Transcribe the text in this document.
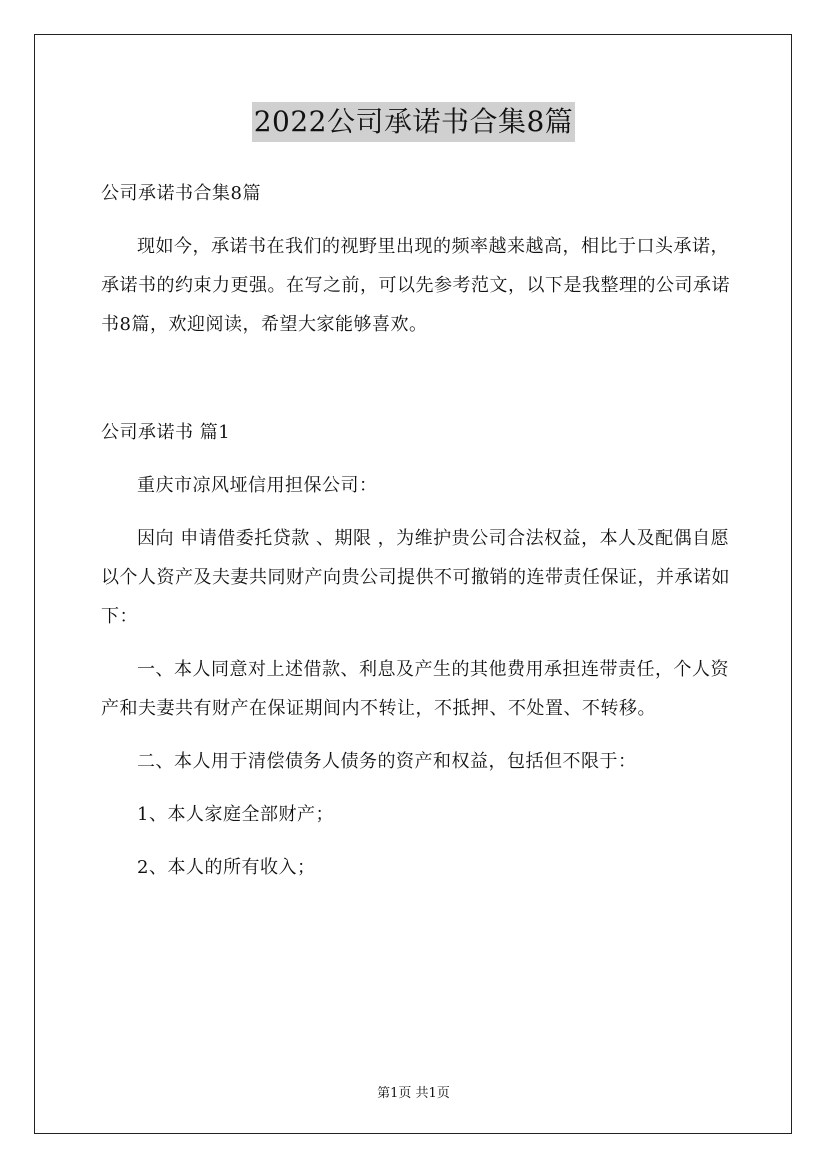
2022公司承诺书合集8篇

公司承诺书合集8篇

现如今，承诺书在我们的视野里出现的频率越来越高，相比于口头承诺，承诺书的约束力更强。在写之前，可以先参考范文，以下是我整理的公司承诺书8篇，欢迎阅读，希望大家能够喜欢。

公司承诺书 篇1

重庆市凉风垭信用担保公司：

因向 申请借委托贷款 、期限 ，为维护贵公司合法权益，本人及配偶自愿以个人资产及夫妻共同财产向贵公司提供不可撤销的连带责任保证，并承诺如下：

一、本人同意对上述借款、利息及产生的其他费用承担连带责任，个人资产和夫妻共有财产在保证期间内不转让，不抵押、不处置、不转移。

二、本人用于清偿债务人债务的资产和权益，包括但不限于：

1、本人家庭全部财产；

2、本人的所有收入；

第1页 共1页
